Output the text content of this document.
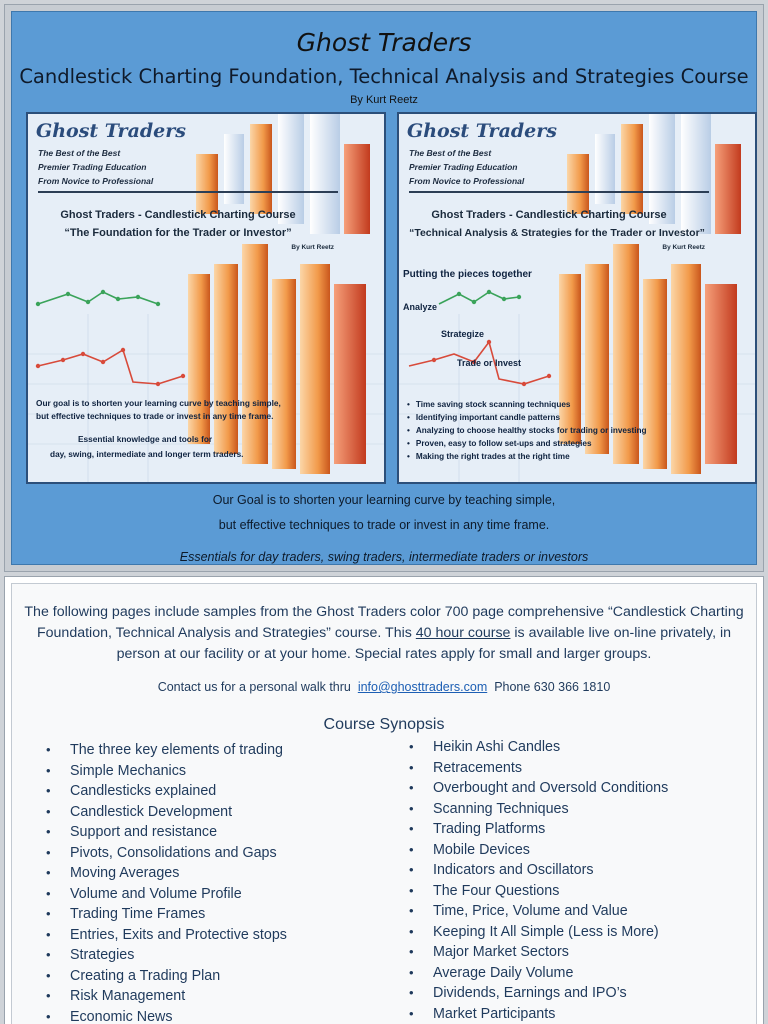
Ghost Traders
Candlestick Charting Foundation, Technical Analysis and Strategies Course
By Kurt Reetz
Ghost Traders
The Best of the Best
Premier Trading Education
From Novice to Professional
Ghost Traders - Candlestick Charting Course
“The Foundation for the Trader or Investor”
By Kurt Reetz
Our goal is to shorten your learning curve by teaching simple,
but effective techniques to trade or invest in any time frame.
Essential knowledge and tools for
day, swing, intermediate and longer term traders.
Ghost Traders
The Best of the Best
Premier Trading Education
From Novice to Professional
Ghost Traders - Candlestick Charting Course
“Technical Analysis & Strategies for the Trader or Investor”
By Kurt Reetz
Putting the pieces together
Analyze
Strategize
Trade or Invest
• Time saving stock scanning techniques
• Identifying important candle patterns
• Analyzing to choose healthy stocks for trading or investing
• Proven, easy to follow set-ups and strategies
• Making the right trades at the right time
Our Goal is to shorten your learning curve by teaching simple,
but effective techniques to trade or invest in any time frame.
Essentials for day traders, swing traders, intermediate traders or investors
The following pages include samples from the Ghost Traders color 700 page comprehensive “Candlestick Charting Foundation, Technical Analysis and Strategies” course. This 40 hour course is available live on-line privately, in person at our facility or at your home. Special rates apply for small and larger groups.
Contact us for a personal walk thru info@ghosttraders.com Phone 630 366 1810
Course Synopsis
• The three key elements of trading
• Simple Mechanics
• Candlesticks explained
• Candlestick Development
• Support and resistance
• Pivots, Consolidations and Gaps
• Moving Averages
• Volume and Volume Profile
• Trading Time Frames
• Entries, Exits and Protective stops
• Strategies
• Creating a Trading Plan
• Risk Management
• Economic News
• Heikin Ashi Candles
• Retracements
• Overbought and Oversold Conditions
• Scanning Techniques
• Trading Platforms
• Mobile Devices
• Indicators and Oscillators
• The Four Questions
• Time, Price, Volume and Value
• Keeping It All Simple (Less is More)
• Major Market Sectors
• Average Daily Volume
• Dividends, Earnings and IPO’s
• Market Participants
